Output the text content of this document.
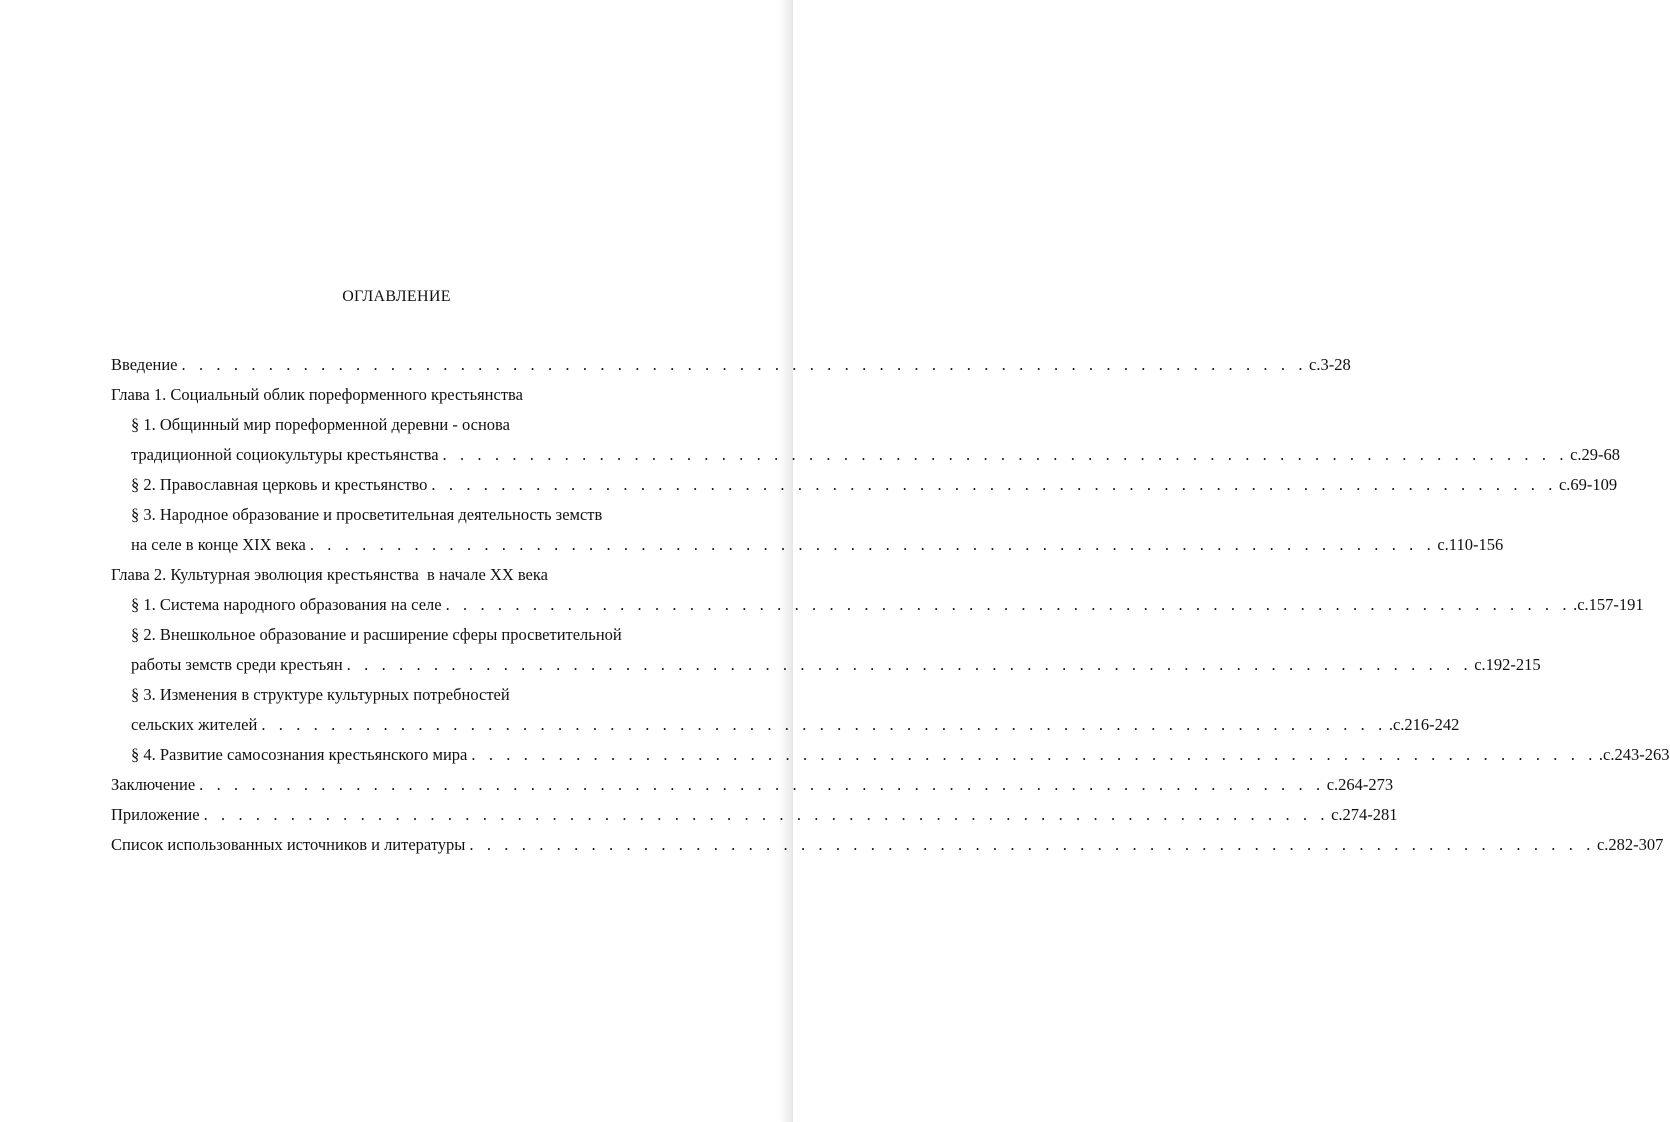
ОГЛАВЛЕНИЕ
Введение . . . . . . . . . . . . . . . . . . . . . . . . . . . . . . . . . . . . . . . . . . . . . . . . . . . . . . . . . . . . . . . . . с.3-28
Глава 1. Социальный облик пореформенного крестьянства
§ 1. Общинный мир пореформенной деревни - основа
традиционной социокультуры крестьянства . . . . . . . . . . . . . . . . . . . . . . . . . . . . . . . . . . . . . . . . . . . . . . . . . . . . . . . . . . . . . . . . . с.29-68
§ 2. Православная церковь и крестьянство . . . . . . . . . . . . . . . . . . . . . . . . . . . . . . . . . . . . . . . . . . . . . . . . . . . . . . . . . . . . . . . . . с.69-109
§ 3. Народное образование и просветительная деятельность земств
на селе в конце XIX века . . . . . . . . . . . . . . . . . . . . . . . . . . . . . . . . . . . . . . . . . . . . . . . . . . . . . . . . . . . . . . . . . с.110-156
Глава 2. Культурная эволюция крестьянства  в начале XX века
§ 1. Система народного образования на селе . . . . . . . . . . . . . . . . . . . . . . . . . . . . . . . . . . . . . . . . . . . . . . . . . . . . . . . . . . . . . . . . . .с.157-191
§ 2. Внешкольное образование и расширение сферы просветительной
работы земств среди крестьян . . . . . . . . . . . . . . . . . . . . . . . . . . . . . . . . . . . . . . . . . . . . . . . . . . . . . . . . . . . . . . . . . с.192-215
§ 3. Изменения в структуре культурных потребностей
сельских жителей . . . . . . . . . . . . . . . . . . . . . . . . . . . . . . . . . . . . . . . . . . . . . . . . . . . . . . . . . . . . . . . . . .с.216-242
§ 4. Развитие самосознания крестьянского мира . . . . . . . . . . . . . . . . . . . . . . . . . . . . . . . . . . . . . . . . . . . . . . . . . . . . . . . . . . . . . . . . . .с.243-263
Заключение . . . . . . . . . . . . . . . . . . . . . . . . . . . . . . . . . . . . . . . . . . . . . . . . . . . . . . . . . . . . . . . . . с.264-273
Приложение . . . . . . . . . . . . . . . . . . . . . . . . . . . . . . . . . . . . . . . . . . . . . . . . . . . . . . . . . . . . . . . . . с.274-281
Список использованных источников и литературы . . . . . . . . . . . . . . . . . . . . . . . . . . . . . . . . . . . . . . . . . . . . . . . . . . . . . . . . . . . . . . . . . с.282-307
